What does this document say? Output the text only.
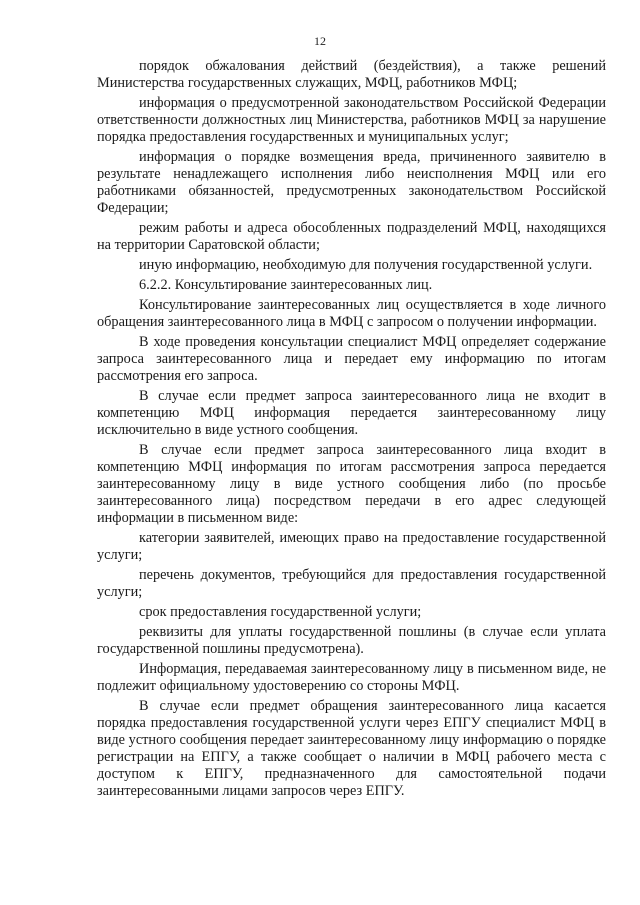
12

порядок обжалования действий (бездействия), а также решений Министерства государственных служащих, МФЦ, работников МФЦ;

информация о предусмотренной законодательством Российской Федерации ответственности должностных лиц Министерства, работников МФЦ за нарушение порядка предоставления государственных и муниципальных услуг;

информация о порядке возмещения вреда, причиненного заявителю в результате ненадлежащего исполнения либо неисполнения МФЦ или его работниками обязанностей, предусмотренных законодательством Российской Федерации;

режим работы и адреса обособленных подразделений МФЦ, находящихся на территории Саратовской области;

иную информацию, необходимую для получения государственной услуги.

6.2.2. Консультирование заинтересованных лиц.

Консультирование заинтересованных лиц осуществляется в ходе личного обращения заинтересованного лица в МФЦ с запросом о получении информации.

В ходе проведения консультации специалист МФЦ определяет содержание запроса заинтересованного лица и передает ему информацию по итогам рассмотрения его запроса.

В случае если предмет запроса заинтересованного лица не входит в компетенцию МФЦ информация передается заинтересованному лицу исключительно в виде устного сообщения.

В случае если предмет запроса заинтересованного лица входит в компетенцию МФЦ информация по итогам рассмотрения запроса передается заинтересованному лицу в виде устного сообщения либо (по просьбе заинтересованного лица) посредством передачи в его адрес следующей информации в письменном виде:

категории заявителей, имеющих право на предоставление государственной услуги;

перечень документов, требующийся для предоставления государственной услуги;

срок предоставления государственной услуги;

реквизиты для уплаты государственной пошлины (в случае если уплата государственной пошлины предусмотрена).

Информация, передаваемая заинтересованному лицу в письменном виде, не подлежит официальному удостоверению со стороны МФЦ.

В случае если предмет обращения заинтересованного лица касается порядка предоставления государственной услуги через ЕПГУ специалист МФЦ в виде устного сообщения передает заинтересованному лицу информацию о порядке регистрации на ЕПГУ, а также сообщает о наличии в МФЦ рабочего места с доступом к ЕПГУ, предназначенного для самостоятельной подачи заинтересованными лицами запросов через ЕПГУ.
